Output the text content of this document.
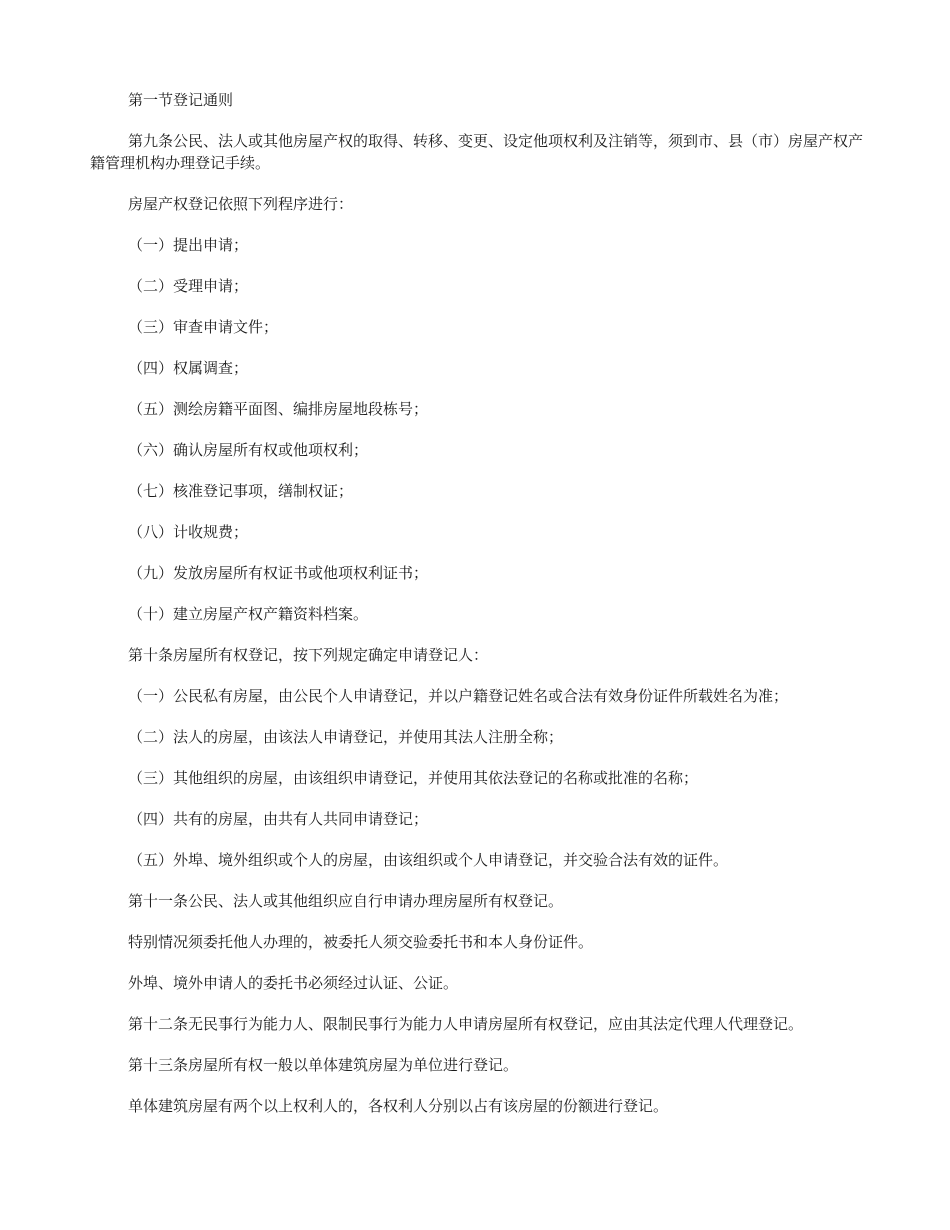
第一节登记通则

第九条公民、法人或其他房屋产权的取得、转移、变更、设定他项权利及注销等，须到市、县（市）房屋产权产籍管理机构办理登记手续。

房屋产权登记依照下列程序进行：

（一）提出申请；

（二）受理申请；

（三）审查申请文件；

（四）权属调查；

（五）测绘房籍平面图、编排房屋地段栋号；

（六）确认房屋所有权或他项权利；

（七）核准登记事项，缮制权证；

（八）计收规费；

（九）发放房屋所有权证书或他项权利证书；

（十）建立房屋产权产籍资料档案。

第十条房屋所有权登记，按下列规定确定申请登记人：

（一）公民私有房屋，由公民个人申请登记，并以户籍登记姓名或合法有效身份证件所载姓名为准；

（二）法人的房屋，由该法人申请登记，并使用其法人注册全称；

（三）其他组织的房屋，由该组织申请登记，并使用其依法登记的名称或批准的名称；

（四）共有的房屋，由共有人共同申请登记；

（五）外埠、境外组织或个人的房屋，由该组织或个人申请登记，并交验合法有效的证件。

第十一条公民、法人或其他组织应自行申请办理房屋所有权登记。

特别情况须委托他人办理的，被委托人须交验委托书和本人身份证件。

外埠、境外申请人的委托书必须经过认证、公证。

第十二条无民事行为能力人、限制民事行为能力人申请房屋所有权登记，应由其法定代理人代理登记。

第十三条房屋所有权一般以单体建筑房屋为单位进行登记。

单体建筑房屋有两个以上权利人的，各权利人分别以占有该房屋的份额进行登记。
